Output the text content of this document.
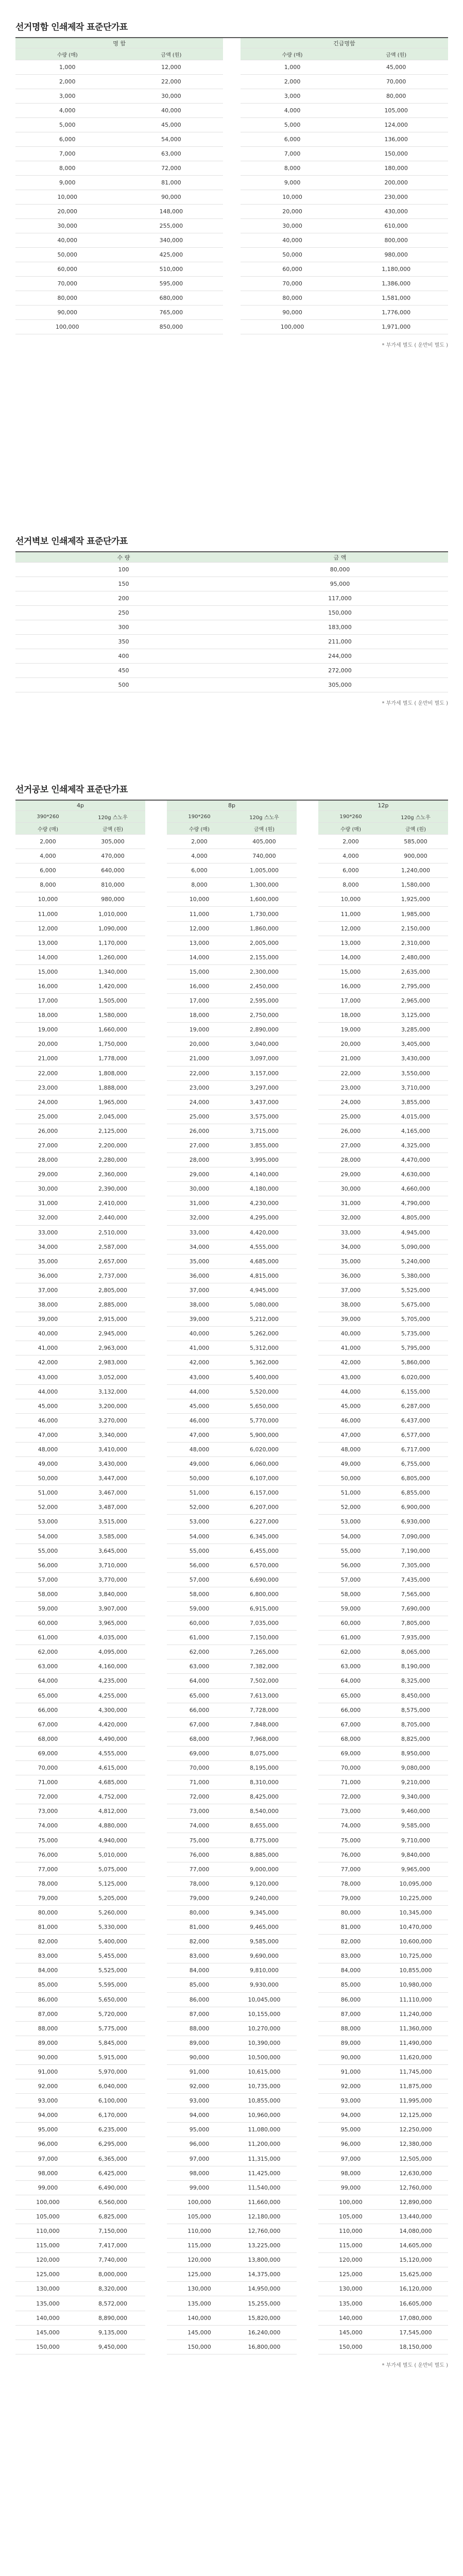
선거명함 인쇄제작 표준단가표
명 함			긴급명함	
수량 (매)	금액 (원)		수량 (매)	금액 (원)
1,000	12,000		1,000	45,000
2,000	22,000		2,000	70,000
3,000	30,000		3,000	80,000
4,000	40,000		4,000	105,000
5,000	45,000		5,000	124,000
6,000	54,000		6,000	136,000
7,000	63,000		7,000	150,000
8,000	72,000		8,000	180,000
9,000	81,000		9,000	200,000
10,000	90,000		10,000	230,000
20,000	148,000		20,000	430,000
30,000	255,000		30,000	610,000
40,000	340,000		40,000	800,000
50,000	425,000		50,000	980,000
60,000	510,000		60,000	1,180,000
70,000	595,000		70,000	1,386,000
80,000	680,000		80,000	1,581,000
90,000	765,000		90,000	1,776,000
100,000	850,000		100,000	1,971,000
* 부가세 별도 ( 운반비 별도 )
선거벽보 인쇄제작 표준단가표
수 량	금 액
100	80,000
150	95,000
200	117,000
250	150,000
300	183,000
350	211,000
400	244,000
450	272,000
500	305,000
* 부가세 별도 ( 운반비 별도 )
선거공보 인쇄제작 표준단가표
4p			8p			12p	
390*260	120g 스노우		190*260	120g 스노우		190*260	120g 스노우
수량 (매)	금액 (원)		수량 (매)	금액 (원)		수량 (매)	금액 (원)
2,000	305,000		2,000	405,000		2,000	585,000
4,000	470,000		4,000	740,000		4,000	900,000
6,000	640,000		6,000	1,005,000		6,000	1,240,000
8,000	810,000		8,000	1,300,000		8,000	1,580,000
10,000	980,000		10,000	1,600,000		10,000	1,925,000
11,000	1,010,000		11,000	1,730,000		11,000	1,985,000
12,000	1,090,000		12,000	1,860,000		12,000	2,150,000
13,000	1,170,000		13,000	2,005,000		13,000	2,310,000
14,000	1,260,000		14,000	2,155,000		14,000	2,480,000
15,000	1,340,000		15,000	2,300,000		15,000	2,635,000
16,000	1,420,000		16,000	2,450,000		16,000	2,795,000
17,000	1,505,000		17,000	2,595,000		17,000	2,965,000
18,000	1,580,000		18,000	2,750,000		18,000	3,125,000
19,000	1,660,000		19,000	2,890,000		19,000	3,285,000
20,000	1,750,000		20,000	3,040,000		20,000	3,405,000
21,000	1,778,000		21,000	3,097,000		21,000	3,430,000
22,000	1,808,000		22,000	3,157,000		22,000	3,550,000
23,000	1,888,000		23,000	3,297,000		23,000	3,710,000
24,000	1,965,000		24,000	3,437,000		24,000	3,855,000
25,000	2,045,000		25,000	3,575,000		25,000	4,015,000
26,000	2,125,000		26,000	3,715,000		26,000	4,165,000
27,000	2,200,000		27,000	3,855,000		27,000	4,325,000
28,000	2,280,000		28,000	3,995,000		28,000	4,470,000
29,000	2,360,000		29,000	4,140,000		29,000	4,630,000
30,000	2,390,000		30,000	4,180,000		30,000	4,660,000
31,000	2,410,000		31,000	4,230,000		31,000	4,790,000
32,000	2,440,000		32,000	4,295,000		32,000	4,805,000
33,000	2,510,000		33,000	4,420,000		33,000	4,945,000
34,000	2,587,000		34,000	4,555,000		34,000	5,090,000
35,000	2,657,000		35,000	4,685,000		35,000	5,240,000
36,000	2,737,000		36,000	4,815,000		36,000	5,380,000
37,000	2,805,000		37,000	4,945,000		37,000	5,525,000
38,000	2,885,000		38,000	5,080,000		38,000	5,675,000
39,000	2,915,000		39,000	5,212,000		39,000	5,705,000
40,000	2,945,000		40,000	5,262,000		40,000	5,735,000
41,000	2,963,000		41,000	5,312,000		41,000	5,795,000
42,000	2,983,000		42,000	5,362,000		42,000	5,860,000
43,000	3,052,000		43,000	5,400,000		43,000	6,020,000
44,000	3,132,000		44,000	5,520,000		44,000	6,155,000
45,000	3,200,000		45,000	5,650,000		45,000	6,287,000
46,000	3,270,000		46,000	5,770,000		46,000	6,437,000
47,000	3,340,000		47,000	5,900,000		47,000	6,577,000
48,000	3,410,000		48,000	6,020,000		48,000	6,717,000
49,000	3,430,000		49,000	6,060,000		49,000	6,755,000
50,000	3,447,000		50,000	6,107,000		50,000	6,805,000
51,000	3,467,000		51,000	6,157,000		51,000	6,855,000
52,000	3,487,000		52,000	6,207,000		52,000	6,900,000
53,000	3,515,000		53,000	6,227,000		53,000	6,930,000
54,000	3,585,000		54,000	6,345,000		54,000	7,090,000
55,000	3,645,000		55,000	6,455,000		55,000	7,190,000
56,000	3,710,000		56,000	6,570,000		56,000	7,305,000
57,000	3,770,000		57,000	6,690,000		57,000	7,435,000
58,000	3,840,000		58,000	6,800,000		58,000	7,565,000
59,000	3,907,000		59,000	6,915,000		59,000	7,690,000
60,000	3,965,000		60,000	7,035,000		60,000	7,805,000
61,000	4,035,000		61,000	7,150,000		61,000	7,935,000
62,000	4,095,000		62,000	7,265,000		62,000	8,065,000
63,000	4,160,000		63,000	7,382,000		63,000	8,190,000
64,000	4,235,000		64,000	7,502,000		64,000	8,325,000
65,000	4,255,000		65,000	7,613,000		65,000	8,450,000
66,000	4,300,000		66,000	7,728,000		66,000	8,575,000
67,000	4,420,000		67,000	7,848,000		67,000	8,705,000
68,000	4,490,000		68,000	7,968,000		68,000	8,825,000
69,000	4,555,000		69,000	8,075,000		69,000	8,950,000
70,000	4,615,000		70,000	8,195,000		70,000	9,080,000
71,000	4,685,000		71,000	8,310,000		71,000	9,210,000
72,000	4,752,000		72,000	8,425,000		72,000	9,340,000
73,000	4,812,000		73,000	8,540,000		73,000	9,460,000
74,000	4,880,000		74,000	8,655,000		74,000	9,585,000
75,000	4,940,000		75,000	8,775,000		75,000	9,710,000
76,000	5,010,000		76,000	8,885,000		76,000	9,840,000
77,000	5,075,000		77,000	9,000,000		77,000	9,965,000
78,000	5,125,000		78,000	9,120,000		78,000	10,095,000
79,000	5,205,000		79,000	9,240,000		79,000	10,225,000
80,000	5,260,000		80,000	9,345,000		80,000	10,345,000
81,000	5,330,000		81,000	9,465,000		81,000	10,470,000
82,000	5,400,000		82,000	9,585,000		82,000	10,600,000
83,000	5,455,000		83,000	9,690,000		83,000	10,725,000
84,000	5,525,000		84,000	9,810,000		84,000	10,855,000
85,000	5,595,000		85,000	9,930,000		85,000	10,980,000
86,000	5,650,000		86,000	10,045,000		86,000	11,110,000
87,000	5,720,000		87,000	10,155,000		87,000	11,240,000
88,000	5,775,000		88,000	10,270,000		88,000	11,360,000
89,000	5,845,000		89,000	10,390,000		89,000	11,490,000
90,000	5,915,000		90,000	10,500,000		90,000	11,620,000
91,000	5,970,000		91,000	10,615,000		91,000	11,745,000
92,000	6,040,000		92,000	10,735,000		92,000	11,875,000
93,000	6,100,000		93,000	10,855,000		93,000	11,995,000
94,000	6,170,000		94,000	10,960,000		94,000	12,125,000
95,000	6,235,000		95,000	11,080,000		95,000	12,250,000
96,000	6,295,000		96,000	11,200,000		96,000	12,380,000
97,000	6,365,000		97,000	11,315,000		97,000	12,505,000
98,000	6,425,000		98,000	11,425,000		98,000	12,630,000
99,000	6,490,000		99,000	11,540,000		99,000	12,760,000
100,000	6,560,000		100,000	11,660,000		100,000	12,890,000
105,000	6,825,000		105,000	12,180,000		105,000	13,440,000
110,000	7,150,000		110,000	12,760,000		110,000	14,080,000
115,000	7,417,000		115,000	13,225,000		115,000	14,605,000
120,000	7,740,000		120,000	13,800,000		120,000	15,120,000
125,000	8,000,000		125,000	14,375,000		125,000	15,625,000
130,000	8,320,000		130,000	14,950,000		130,000	16,120,000
135,000	8,572,000		135,000	15,255,000		135,000	16,605,000
140,000	8,890,000		140,000	15,820,000		140,000	17,080,000
145,000	9,135,000		145,000	16,240,000		145,000	17,545,000
150,000	9,450,000		150,000	16,800,000		150,000	18,150,000
* 부가세 별도 ( 운반비 별도 )
